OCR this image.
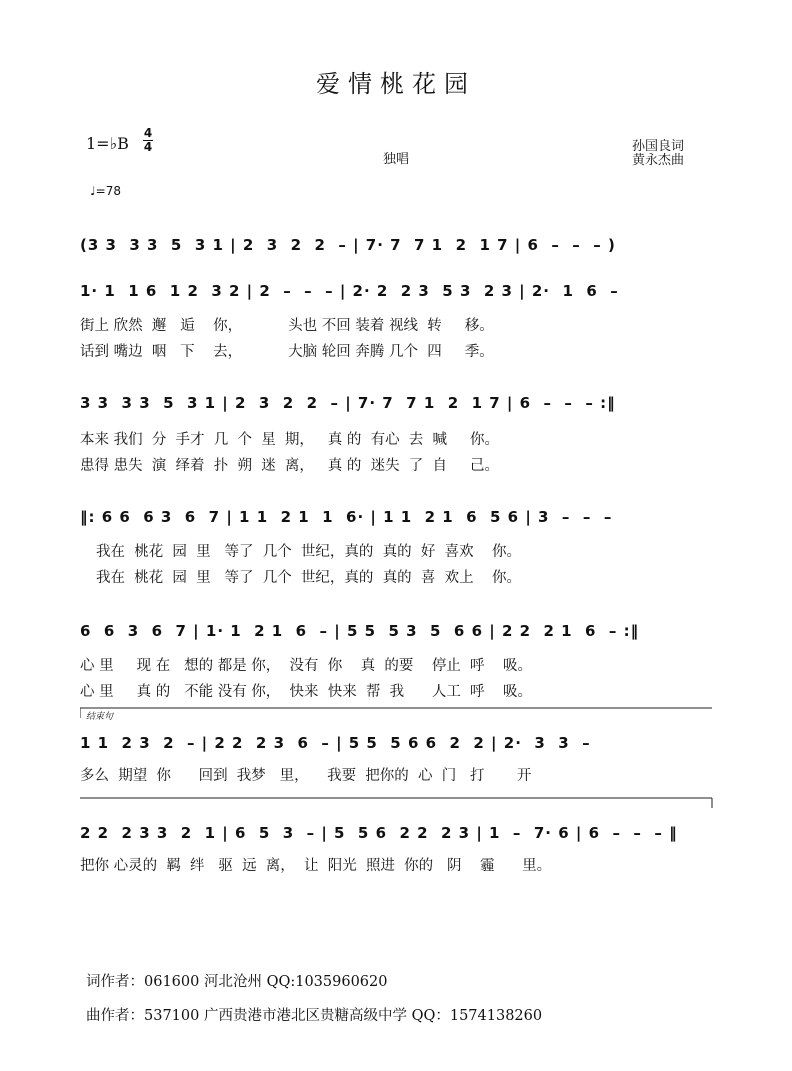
爱情桃花园
1=♭B
4
4
独唱
孙国良词
黄永杰曲
♩=78
(3 3  3 3  5  3 1 | 2  3  2  2  – | 7· 7  7 1  2  1 7 | 6  –  –  – )
1· 1  1 6  1 2  3 2 | 2  –  –  – | 2· 2  2 3  5 3  2 3 | 2·  1  6  –
街上 欣然  邂   逅    你，          头也 不回 装着 视线  转     移。
话到 嘴边  咽   下    去，          大脑 轮回 奔腾 几个  四     季。
3 3  3 3  5  3 1 | 2  3  2  2  – | 7· 7  7 1  2  1 7 | 6  –  –  – :‖
本来 我们  分  手才  几  个  星  期，   真 的  有心  去  喊     你。
患得 患失  演  绎着  扑  朔  迷  离，   真 的  迷失  了  自     己。
‖: 6 6  6 3  6  7 | 1 1  2 1  1  6· | 1 1  2 1  6  5 6 | 3  –  –  –
我在  桃花  园  里   等了  几个  世纪，真的  真的  好  喜欢    你。
我在  桃花  园  里   等了  几个  世纪，真的  真的  喜  欢上    你。
6  6  3  6  7 | 1· 1  2 1  6  – | 5 5  5 3  5  6 6 | 2 2  2 1  6  – :‖
心 里     现 在   想的 都是 你，  没有  你    真  的要    停止  呼    吸。
心 里     真 的   不能 没有 你，  快来  快来  帮  我      人工  呼    吸。
结束句
1 1  2 3  2  – | 2 2  2 3  6  – | 5 5  5 6 6  2  2 | 2·  3  3  –
多么  期望  你      回到  我梦   里，    我要  把你的  心  门   打       开
2 2  2 3 3  2  1 | 6  5  3  – | 5  5 6  2 2  2 3 | 1  –  7· 6 | 6  –  –  – ‖
把你 心灵的  羁  绊   驱  远  离，  让  阳光  照进  你的   阴    霾      里。
词作者：061600 河北沧州 QQ:1035960620
曲作者：537100 广西贵港市港北区贵糖高级中学 QQ：1574138260
